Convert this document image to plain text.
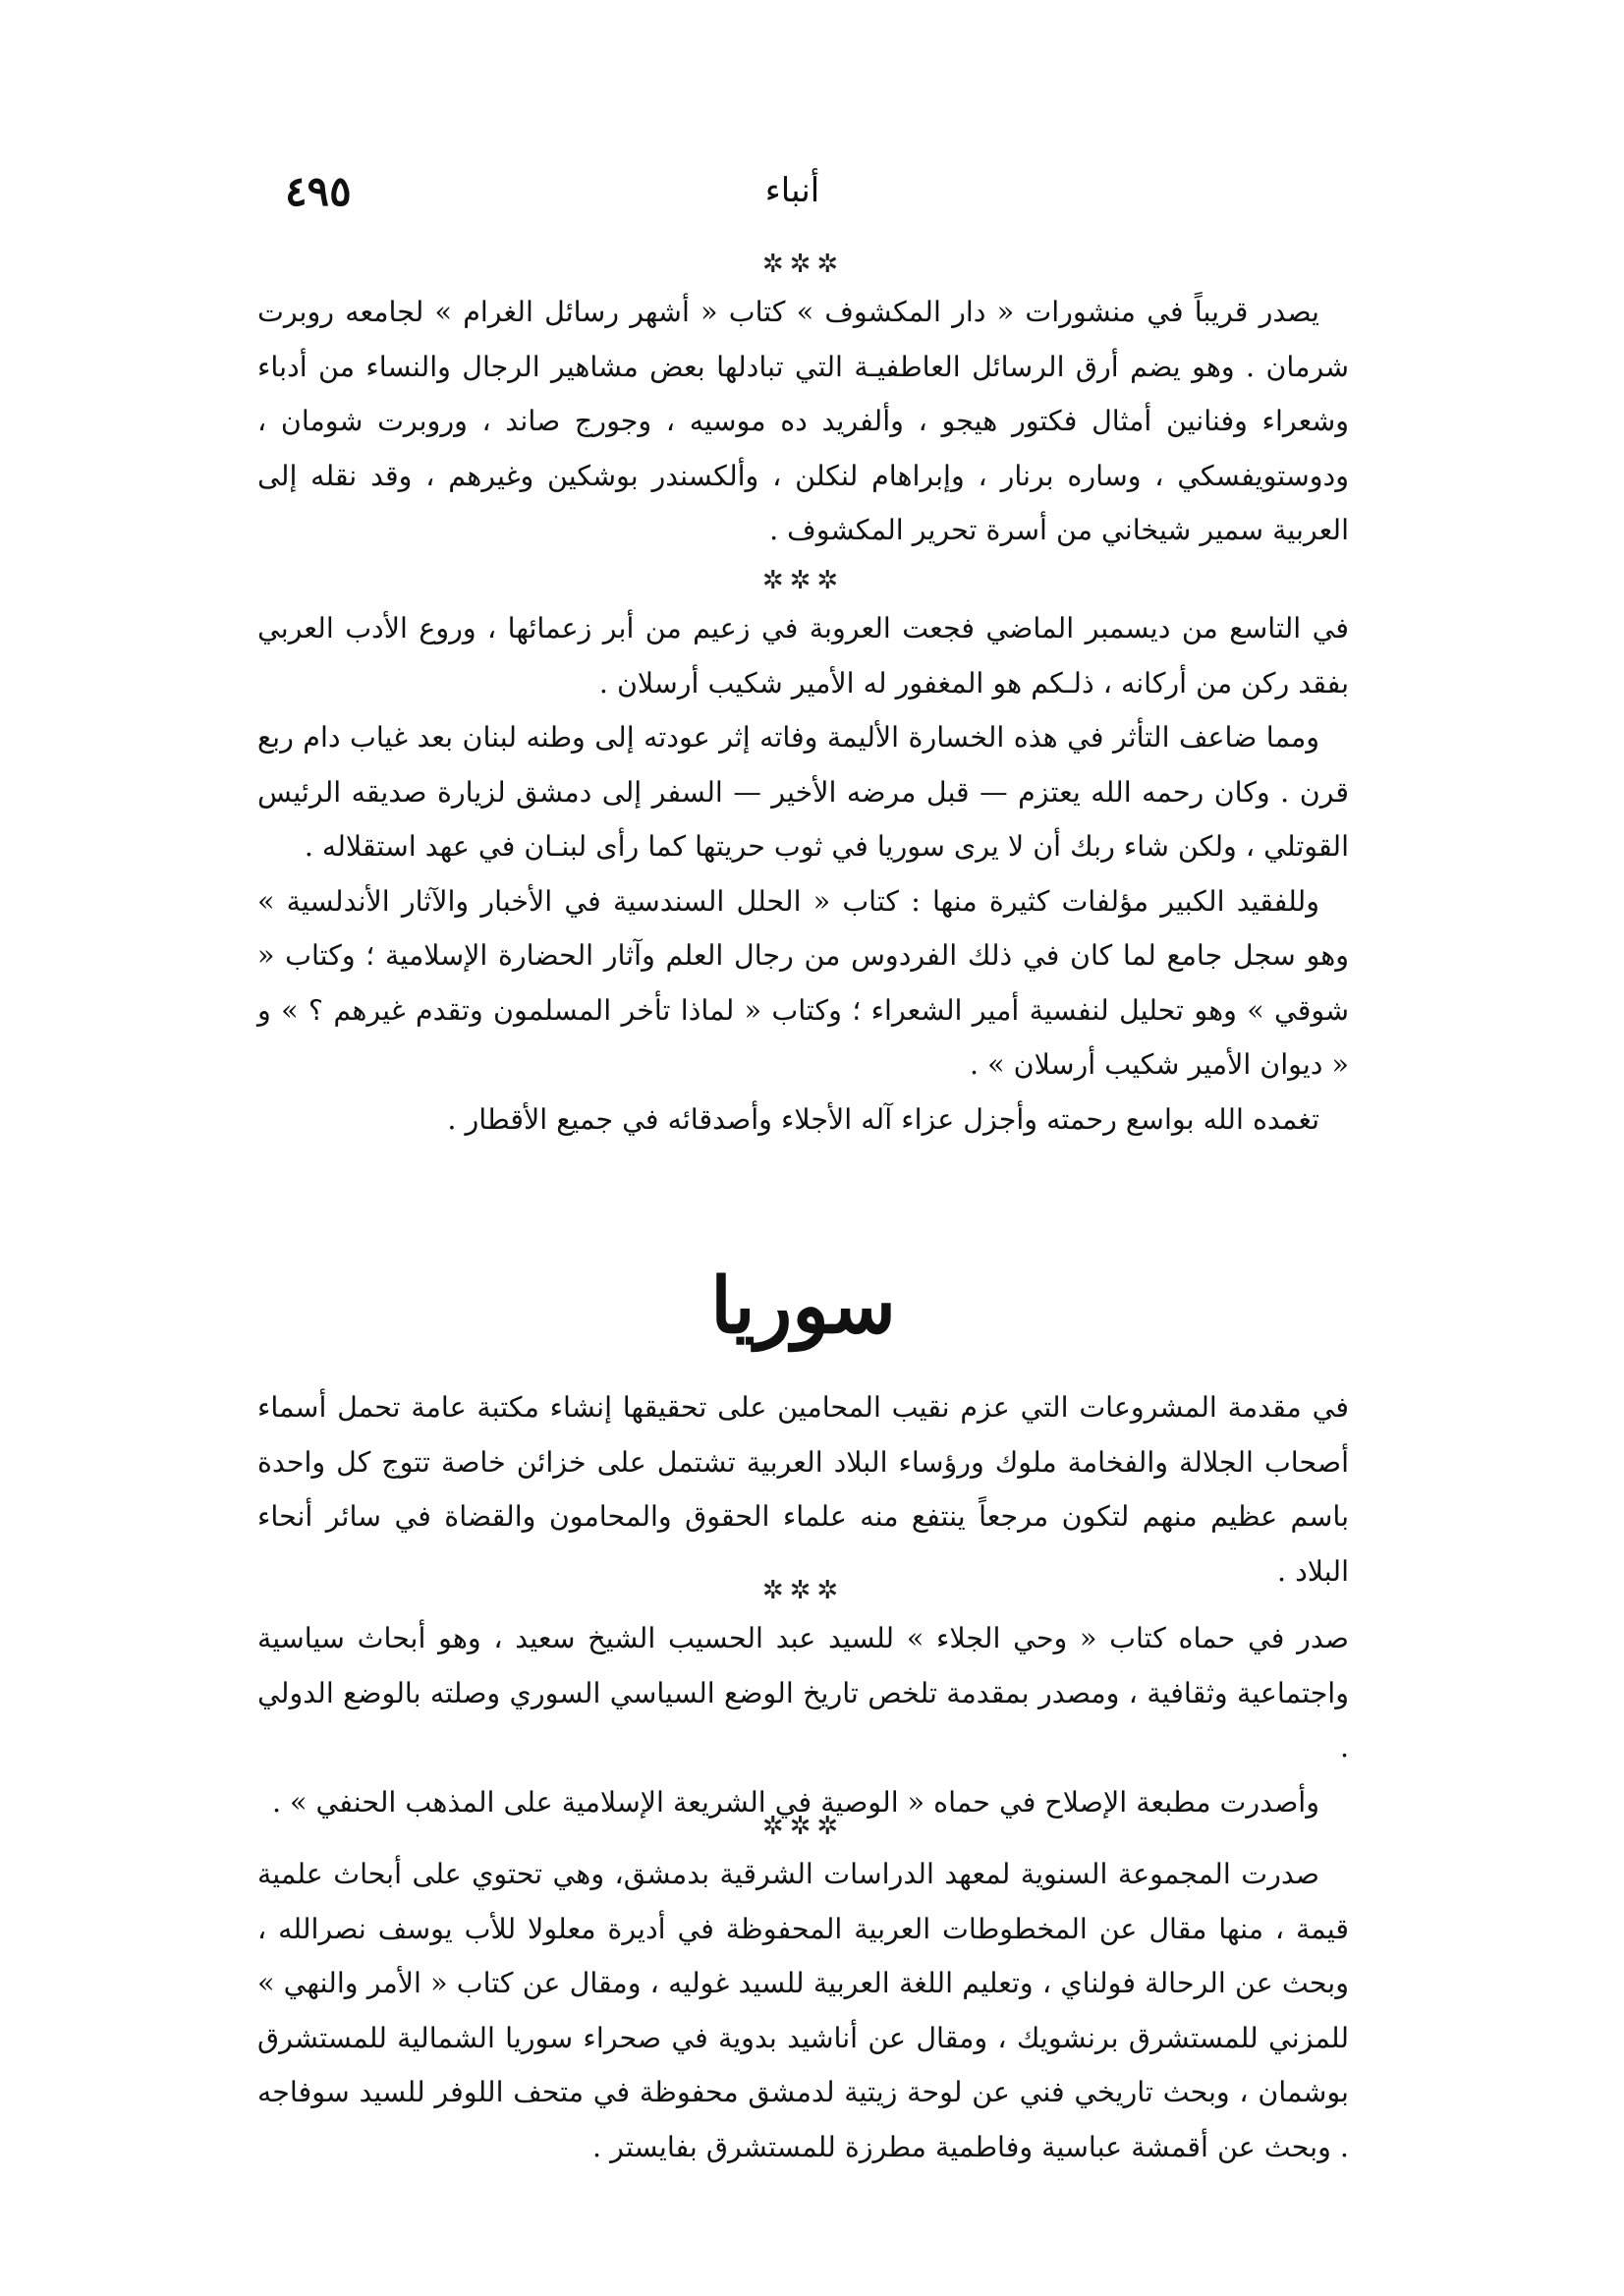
أنباء
٤٩٥
✲✲✲

يصدر قريباً في منشورات « دار المكشوف » كتاب « أشهر رسائل الغرام » لجامعه روبرت شرمان . وهو يضم أرق الرسائل العاطفيـة التي تبادلها بعض مشاهير الرجال والنساء من أدباء وشعراء وفنانين أمثال فكتور هيجو ، وألفريد ده موسيه ، وجورج صاند ، وروبرت شومان ، ودوستويفسكي ، وساره برنار ، وإبراهام لنكلن ، وألكسندر بوشكين وغيرهم ، وقد نقله إلى العربية سمير شيخاني من أسرة تحرير المكشوف .

✲✲✲

في التاسع من ديسمبر الماضي فجعت العروبة في زعيم من أبر زعمائها ، وروع الأدب العربي بفقد ركن من أركانه ، ذلـكم هو المغفور له الأمير شكيب أرسلان .

ومما ضاعف التأثر في هذه الخسارة الأليمة وفاته إثر عودته إلى وطنه لبنان بعد غياب دام ربع قرن . وكان رحمه الله يعتزم — قبل مرضه الأخير — السفر إلى دمشق لزيارة صديقه الرئيس القوتلي ، ولكن شاء ربك أن لا يرى سوريا في ثوب حريتها كما رأى لبنـان في عهد استقلاله .

وللفقيد الكبير مؤلفات كثيرة منها : كتاب « الحلل السندسية في الأخبار والآثار الأندلسية » وهو سجل جامع لما كان في ذلك الفردوس من رجال العلم وآثار الحضارة الإسلامية ؛ وكتاب « شوقي » وهو تحليل لنفسية أمير الشعراء ؛ وكتاب « لماذا تأخر المسلمون وتقدم غيرهم ؟ » و « ديوان الأمير شكيب أرسلان » .

تغمده الله بواسع رحمته وأجزل عزاء آله الأجلاء وأصدقائه في جميع الأقطار .

سوريا

في مقدمة المشروعات التي عزم نقيب المحامين على تحقيقها إنشاء مكتبة عامة تحمل أسماء أصحاب الجلالة والفخامة ملوك ورؤساء البلاد العربية تشتمل على خزائن خاصة تتوج كل واحدة باسم عظيم منهم لتكون مرجعاً ينتفع منه علماء الحقوق والمحامون والقضاة في سائر أنحاء البلاد .

✲✲✲

صدر في حماه كتاب « وحي الجلاء » للسيد عبد الحسيب الشيخ سعيد ، وهو أبحاث سياسية واجتماعية وثقافية ، ومصدر بمقدمة تلخص تاريخ الوضع السياسي السوري وصلته بالوضع الدولي .

وأصدرت مطبعة الإصلاح في حماه « الوصية في الشريعة الإسلامية على المذهب الحنفي » .

✲✲✲

صدرت المجموعة السنوية لمعهد الدراسات الشرقية بدمشق، وهي تحتوي على أبحاث علمية قيمة ، منها مقال عن المخطوطات العربية المحفوظة في أديرة معلولا للأب يوسف نصرالله ، وبحث عن الرحالة فولناي ، وتعليم اللغة العربية للسيد غوليه ، ومقال عن كتاب « الأمر والنهي » للمزني للمستشرق برنشويك ، ومقال عن أناشيد بدوية في صحراء سوريا الشمالية للمستشرق بوشمان ، وبحث تاريخي فني عن لوحة زيتية لدمشق محفوظة في متحف اللوفر للسيد سوفاجه . وبحث عن أقمشة عباسية وفاطمية مطرزة للمستشرق بفايستر .
